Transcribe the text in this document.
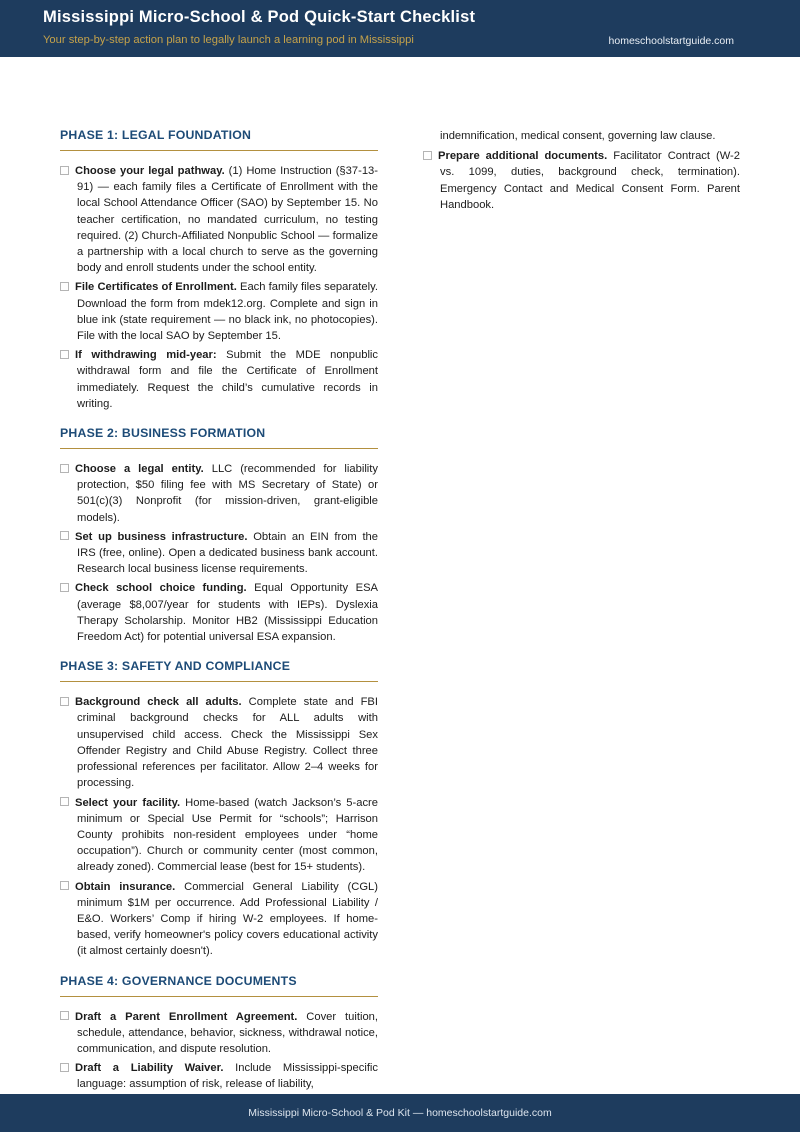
Mississippi Micro-School & Pod Quick-Start Checklist
Your step-by-step action plan to legally launch a learning pod in Mississippi	homeschoolstartguide.com
PHASE 1: LEGAL FOUNDATION
Choose your legal pathway. (1) Home Instruction (§37-13-91) — each family files a Certificate of Enrollment with the local School Attendance Officer (SAO) by September 15. No teacher certification, no mandated curriculum, no testing required. (2) Church-Affiliated Nonpublic School — formalize a partnership with a local church to serve as the governing body and enroll students under the school entity.
File Certificates of Enrollment. Each family files separately. Download the form from mdek12.org. Complete and sign in blue ink (state requirement — no black ink, no photocopies). File with the local SAO by September 15.
If withdrawing mid-year: Submit the MDE nonpublic withdrawal form and file the Certificate of Enrollment immediately. Request the child’s cumulative records in writing.
PHASE 2: BUSINESS FORMATION
Choose a legal entity. LLC (recommended for liability protection, $50 filing fee with MS Secretary of State) or 501(c)(3) Nonprofit (for mission-driven, grant-eligible models).
Set up business infrastructure. Obtain an EIN from the IRS (free, online). Open a dedicated business bank account. Research local business license requirements.
Check school choice funding. Equal Opportunity ESA (average $8,007/year for students with IEPs). Dyslexia Therapy Scholarship. Monitor HB2 (Mississippi Education Freedom Act) for potential universal ESA expansion.
PHASE 3: SAFETY AND COMPLIANCE
Background check all adults. Complete state and FBI criminal background checks for ALL adults with unsupervised child access. Check the Mississippi Sex Offender Registry and Child Abuse Registry. Collect three professional references per facilitator. Allow 2–4 weeks for processing.
Select your facility. Home-based (watch Jackson’s 5-acre minimum or Special Use Permit for “schools”; Harrison County prohibits non-resident employees under “home occupation”). Church or community center (most common, already zoned). Commercial lease (best for 15+ students).
Obtain insurance. Commercial General Liability (CGL) minimum $1M per occurrence. Add Professional Liability / E&O. Workers’ Comp if hiring W-2 employees. If home-based, verify homeowner's policy covers educational activity (it almost certainly doesn't).
PHASE 4: GOVERNANCE DOCUMENTS
Draft a Parent Enrollment Agreement. Cover tuition, schedule, attendance, behavior, sickness, withdrawal notice, communication, and dispute resolution.
Draft a Liability Waiver. Include Mississippi-specific language: assumption of risk, release of liability,
indemnification, medical consent, governing law clause.
Prepare additional documents. Facilitator Contract (W-2 vs. 1099, duties, background check, termination). Emergency Contact and Medical Consent Form. Parent Handbook.
Mississippi Micro-School & Pod Kit — homeschoolstartguide.com
